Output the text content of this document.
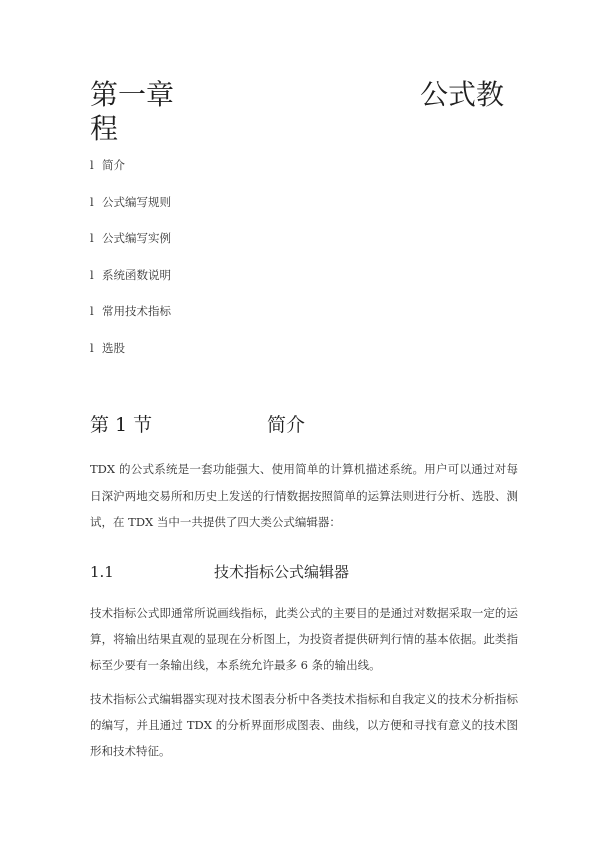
第一章	公式教
程
l 简介
l 公式编写规则
l 公式编写实例
l 系统函数说明
l 常用技术指标
l 选股
第 1 节	简介

TDX 的公式系统是一套功能强大、使用简单的计算机描述系统。用户可以通过对每日深沪两地交易所和历史上发送的行情数据按照简单的运算法则进行分析、选股、测试，在 TDX 当中一共提供了四大类公式编辑器：

1.1	技术指标公式编辑器

技术指标公式即通常所说画线指标，此类公式的主要目的是通过对数据采取一定的运算，将输出结果直观的显现在分析图上，为投资者提供研判行情的基本依据。此类指标至少要有一条输出线，本系统允许最多 6 条的输出线。

技术指标公式编辑器实现对技术图表分析中各类技术指标和自我定义的技术分析指标的编写，并且通过 TDX 的分析界面形成图表、曲线，以方便和寻找有意义的技术图形和技术特征。
